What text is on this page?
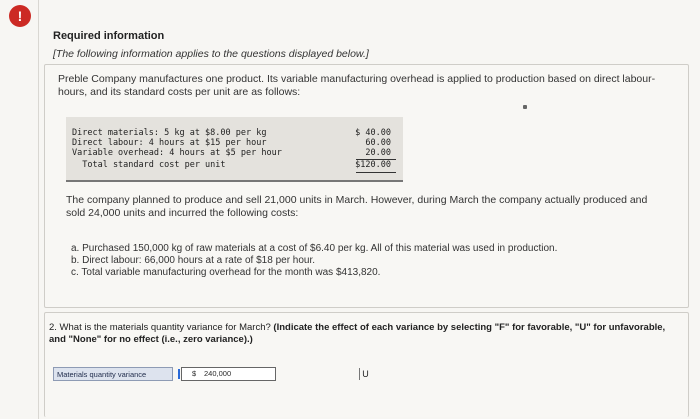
!
Required information
[The following information applies to the questions displayed below.]
Preble Company manufactures one product. Its variable manufacturing overhead is applied to production based on direct labour-hours, and its standard costs per unit are as follows:
Direct materials: 5 kg at $8.00 per kg	$ 40.00
Direct labour: 4 hours at $15 per hour	60.00
Variable overhead: 4 hours at $5 per hour	20.00
Total standard cost per unit	$120.00
The company planned to produce and sell 21,000 units in March. However, during March the company actually produced and sold 24,000 units and incurred the following costs:
a. Purchased 150,000 kg of raw materials at a cost of $6.40 per kg. All of this material was used in production.
b. Direct labour: 66,000 hours at a rate of $18 per hour.
c. Total variable manufacturing overhead for the month was $413,820.
2. What is the materials quantity variance for March? (Indicate the effect of each variance by selecting "F" for favorable, "U" for unfavorable, and "None" for no effect (i.e., zero variance).)
Materials quantity variance	$ 240,000	U
